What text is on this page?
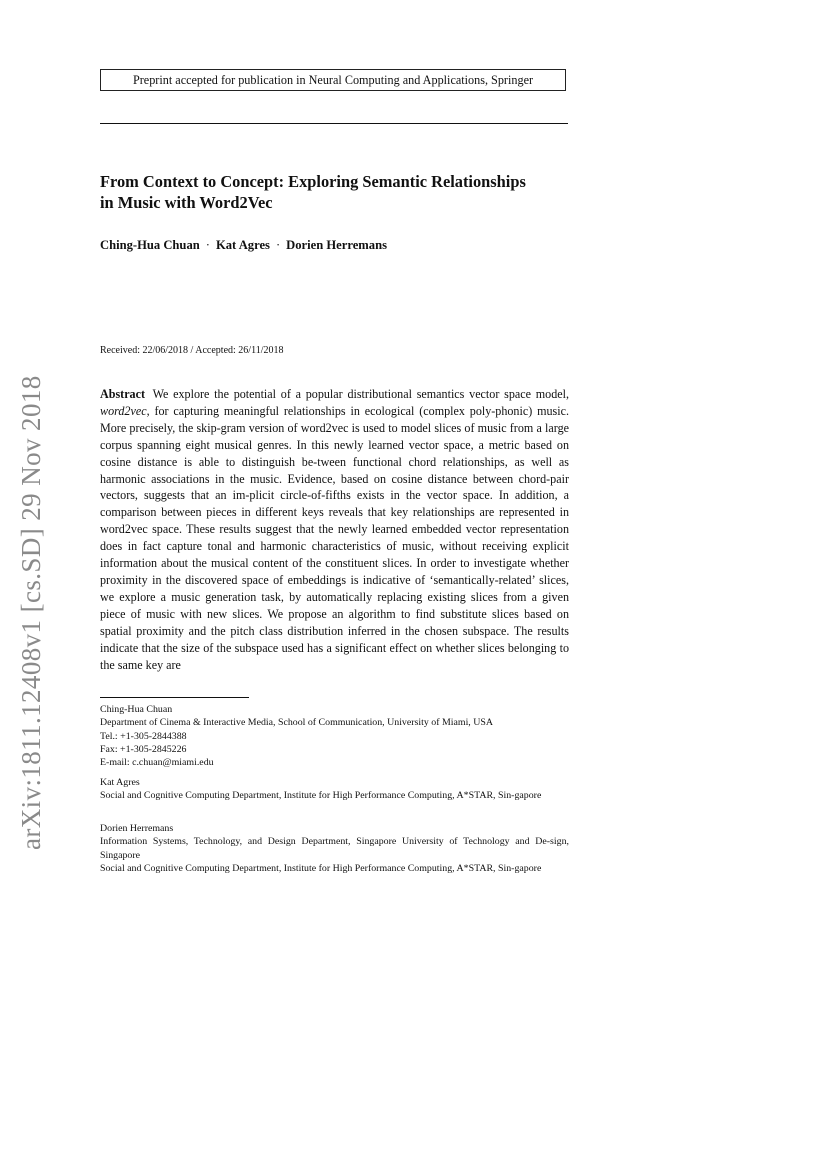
Preprint accepted for publication in Neural Computing and Applications, Springer
From Context to Concept: Exploring Semantic Relationships
in Music with Word2Vec
Ching-Hua Chuan · Kat Agres · Dorien Herremans
Received: 22/06/2018 / Accepted: 26/11/2018
arXiv:1811.12408v1 [cs.SD] 29 Nov 2018	Abstract We explore the potential of a popular distributional semantics vector space model, word2vec, for capturing meaningful relationships in ecological (complex poly-phonic) music. More precisely, the skip-gram version of word2vec is used to model slices of music from a large corpus spanning eight musical genres. In this newly learned vector space, a metric based on cosine distance is able to distinguish be-tween functional chord relationships, as well as harmonic associations in the music. Evidence, based on cosine distance between chord-pair vectors, suggests that an im-plicit circle-of-fifths exists in the vector space. In addition, a comparison between pieces in different keys reveals that key relationships are represented in word2vec space. These results suggest that the newly learned embedded vector representation does in fact capture tonal and harmonic characteristics of music, without receiving explicit information about the musical content of the constituent slices. In order to investigate whether proximity in the discovered space of embeddings is indicative of ‘semantically-related’ slices, we explore a music generation task, by automatically replacing existing slices from a given piece of music with new slices. We propose an algorithm to find substitute slices based on spatial proximity and the pitch class distribution inferred in the chosen subspace. The results indicate that the size of the subspace used has a significant effect on whether slices belonging to the same key are

Ching-Hua Chuan
Department of Cinema & Interactive Media, School of Communication, University of Miami, USA
Tel.: +1-305-2844388
Fax: +1-305-2845226
E-mail: c.chuan@miami.edu
Kat Agres
Social and Cognitive Computing Department, Institute for High Performance Computing, A*STAR, Sin-gapore
Dorien Herremans
Information Systems, Technology, and Design Department, Singapore University of Technology and De-sign, Singapore
Social and Cognitive Computing Department, Institute for High Performance Computing, A*STAR, Sin-gapore
